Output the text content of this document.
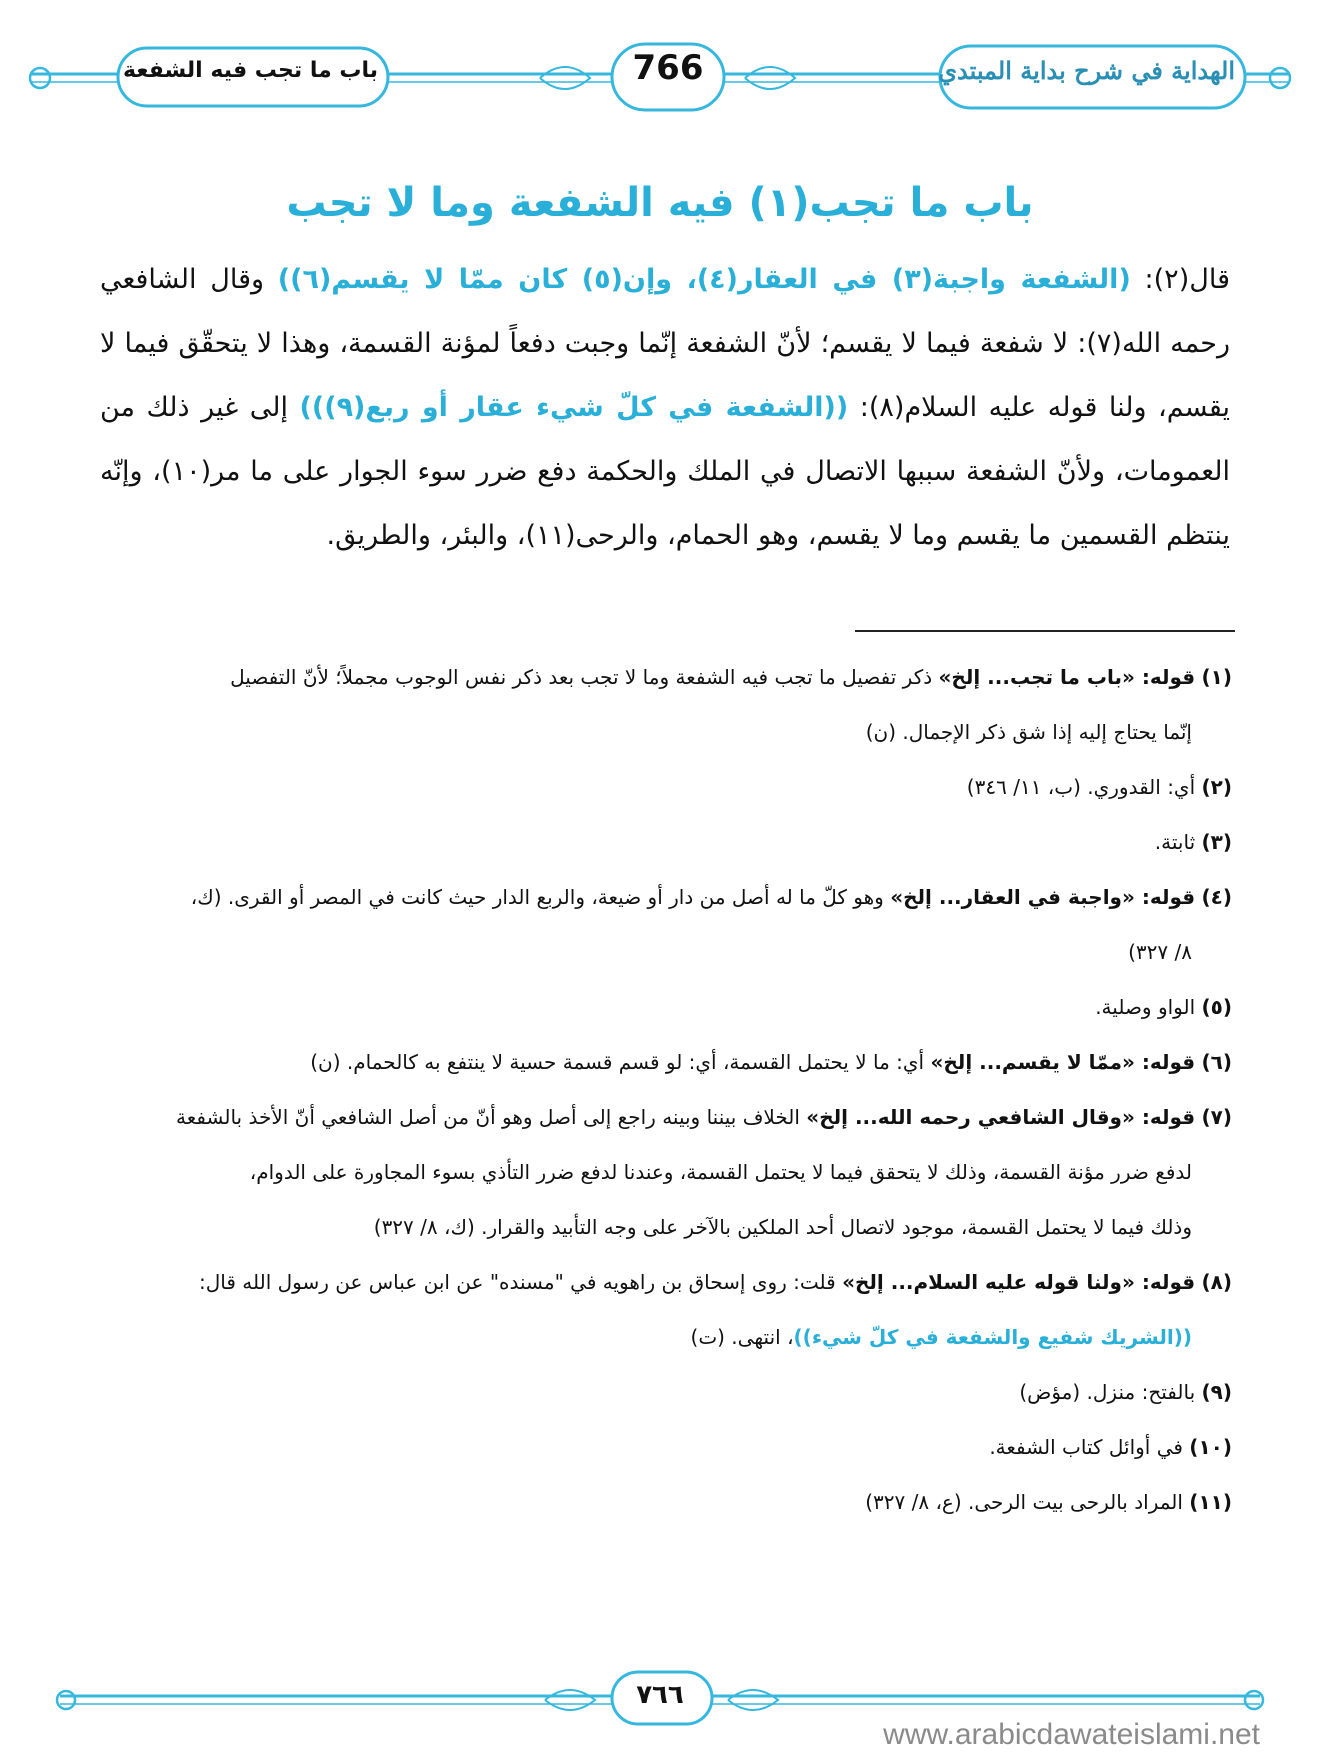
باب ما تجب فيه الشفعة	766	الهداية في شرح بداية المبتدي
باب ما تجب(١) فيه الشفعة وما لا تجب

قال(٢): (الشفعة واجبة(٣) في العقار(٤)، وإن(٥) كان ممّا لا يقسم(٦)) وقال الشافعي رحمه الله(٧): لا شفعة فيما لا يقسم؛ لأنّ الشفعة إنّما وجبت دفعاً لمؤنة القسمة، وهذا لا يتحقّق فيما لا يقسم، ولنا قوله عليه السلام(٨): ((الشفعة في كلّ شيء عقار أو ربع(٩))) إلى غير ذلك من العمومات، ولأنّ الشفعة سببها الاتصال في الملك والحكمة دفع ضرر سوء الجوار على ما مر(١٠)، وإنّه ينتظم القسمين ما يقسم وما لا يقسم، وهو الحمام، والرحى(١١)، والبئر، والطريق.

(١) قوله: «باب ما تجب... إلخ» ذكر تفصيل ما تجب فيه الشفعة وما لا تجب بعد ذكر نفس الوجوب مجملاً؛ لأنّ التفصيل
إنّما يحتاج إليه إذا شق ذكر الإجمال. (ن)
(٢) أي: القدوري. (ب، ١١/ ٣٤٦)
(٣) ثابتة.
(٤) قوله: «واجبة في العقار... إلخ» وهو كلّ ما له أصل من دار أو ضيعة، والربع الدار حيث كانت في المصر أو القرى. (ك،
٨/ ٣٢٧)
(٥) الواو وصلية.
(٦) قوله: «ممّا لا يقسم... إلخ» أي: ما لا يحتمل القسمة، أي: لو قسم قسمة حسية لا ينتفع به كالحمام. (ن)
(٧) قوله: «وقال الشافعي رحمه الله... إلخ» الخلاف بيننا وبينه راجع إلى أصل وهو أنّ من أصل الشافعي أنّ الأخذ بالشفعة
لدفع ضرر مؤنة القسمة، وذلك لا يتحقق فيما لا يحتمل القسمة، وعندنا لدفع ضرر التأذي بسوء المجاورة على الدوام،
وذلك فيما لا يحتمل القسمة، موجود لاتصال أحد الملكين بالآخر على وجه التأبيد والقرار. (ك، ٨/ ٣٢٧)
(٨) قوله: «ولنا قوله عليه السلام... إلخ» قلت: روى إسحاق بن راهويه في "مسنده" عن ابن عباس عن رسول الله قال:
((الشريك شفيع والشفعة في كلّ شيء))، انتهى. (ت)
(٩) بالفتح: منزل. (مؤض)
(١٠) في أوائل كتاب الشفعة.
(١١) المراد بالرحى بيت الرحى. (ع، ٨/ ٣٢٧)
٧٦٦
www.arabicdawateislami.net
